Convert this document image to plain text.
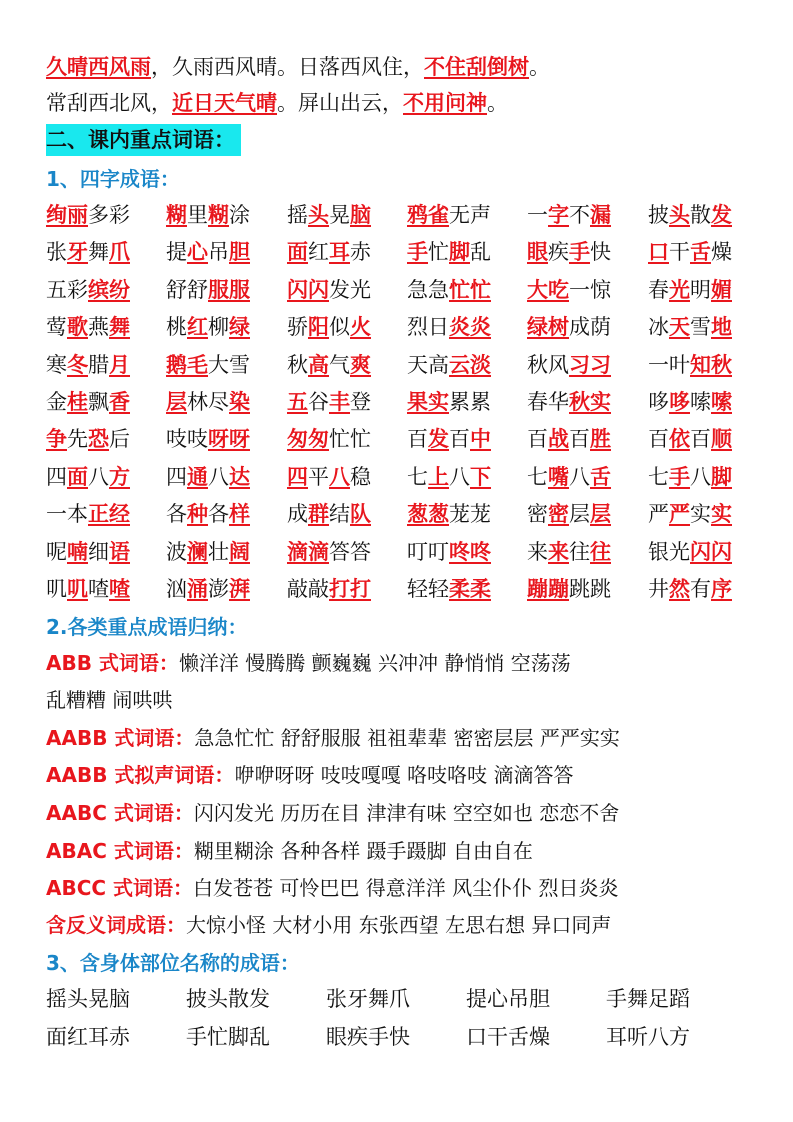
久晴西风雨，久雨西风晴。日落西风住，不住刮倒树。
常刮西北风，近日天气晴。屏山出云，不用问神。
二、课内重点词语：
1、四字成语：
绚丽多彩 糊里糊涂 摇头晃脑 鸦雀无声 一字不漏 披头散发
张牙舞爪 提心吊胆 面红耳赤 手忙脚乱 眼疾手快 口干舌燥
五彩缤纷 舒舒服服 闪闪发光 急急忙忙 大吃一惊 春光明媚
莺歌燕舞 桃红柳绿 骄阳似火 烈日炎炎 绿树成荫 冰天雪地
寒冬腊月 鹅毛大雪 秋高气爽 天高云淡 秋风习习 一叶知秋
金桂飘香 层林尽染 五谷丰登 果实累累 春华秋实 哆哆嗦嗦
争先恐后 吱吱呀呀 匆匆忙忙 百发百中 百战百胜 百依百顺
四面八方 四通八达 四平八稳 七上八下 七嘴八舌 七手八脚
一本正经 各种各样 成群结队 葱葱茏茏 密密层层 严严实实
呢喃细语 波澜壮阔 滴滴答答 叮叮咚咚 来来往往 银光闪闪
叽叽喳喳 汹涌澎湃 敲敲打打 轻轻柔柔 蹦蹦跳跳 井然有序
2.各类重点成语归纳：
ABB 式词语：懒洋洋 慢腾腾 颤巍巍 兴冲冲 静悄悄 空荡荡
乱糟糟 闹哄哄
AABB 式词语：急急忙忙 舒舒服服 祖祖辈辈 密密层层 严严实实
AABB 式拟声词语：咿咿呀呀 吱吱嘎嘎 咯吱咯吱 滴滴答答
AABC 式词语：闪闪发光 历历在目 津津有味 空空如也 恋恋不舍
ABAC 式词语：糊里糊涂 各种各样 蹑手蹑脚 自由自在
ABCC 式词语：白发苍苍 可怜巴巴 得意洋洋 风尘仆仆 烈日炎炎
含反义词成语：大惊小怪 大材小用 东张西望 左思右想 异口同声
3、含身体部位名称的成语：
摇头晃脑	披头散发	张牙舞爪	提心吊胆	手舞足蹈
面红耳赤	手忙脚乱	眼疾手快	口干舌燥	耳听八方
